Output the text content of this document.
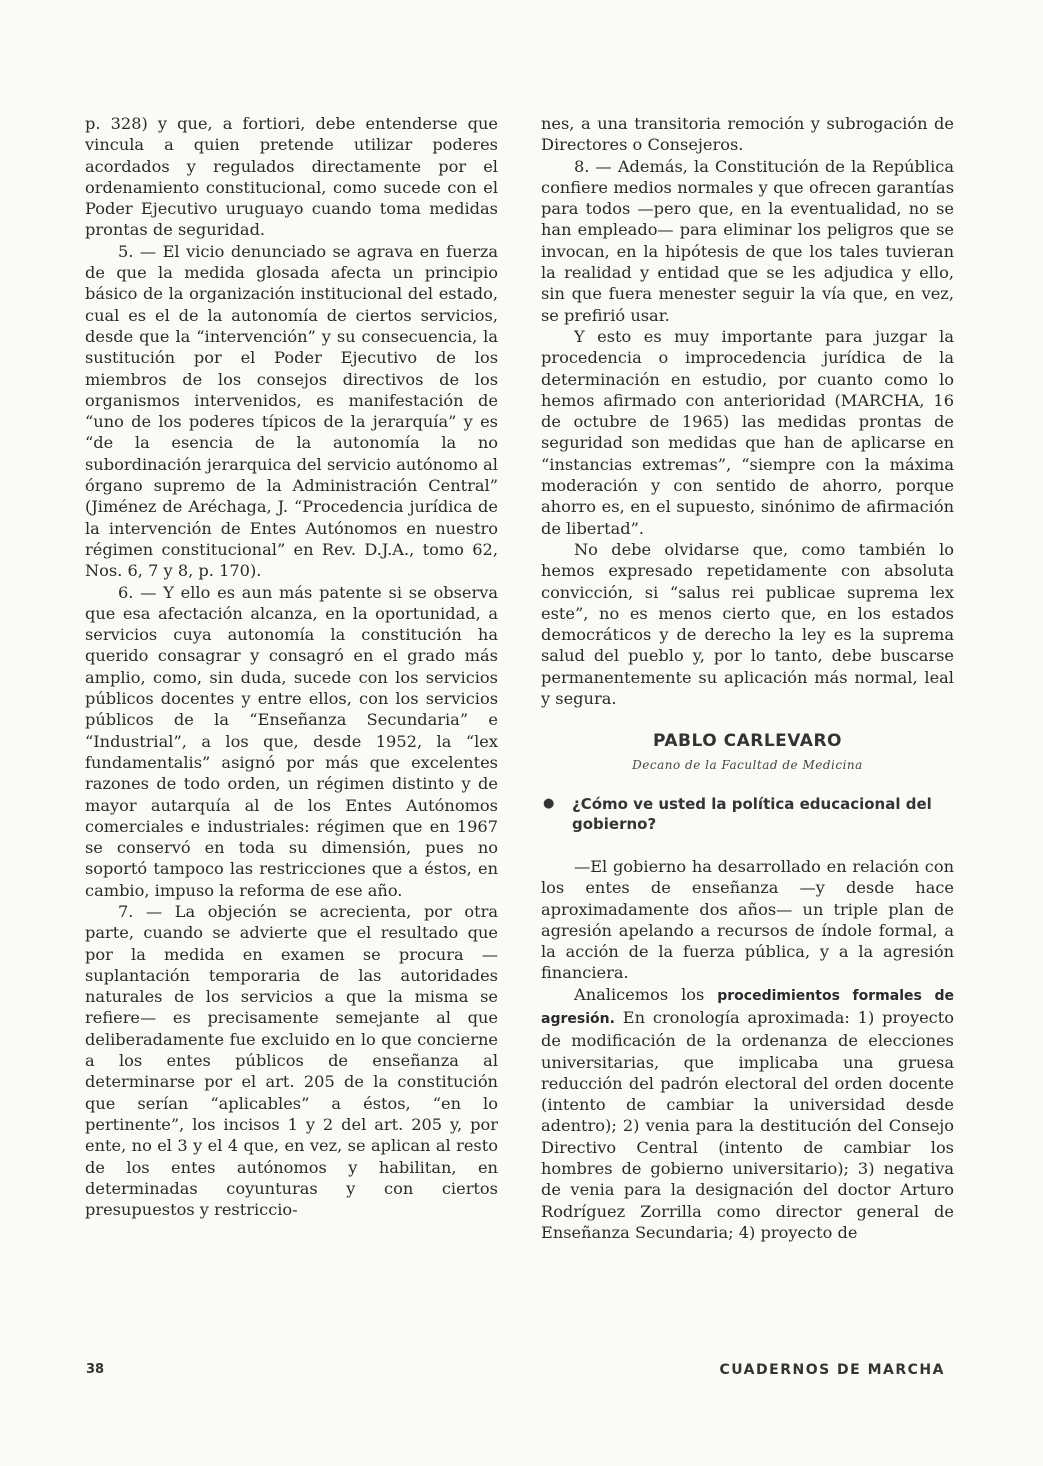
p. 328) y que, a fortiori, debe entenderse que vincula a quien pretende utilizar poderes acordados y regulados directamente por el ordenamiento constitucional, como sucede con el Poder Ejecutivo uruguayo cuando toma medidas prontas de seguridad.

5. — El vicio denunciado se agrava en fuerza de que la medida glosada afecta un principio básico de la organización institucional del estado, cual es el de la autonomía de ciertos servicios, desde que la “intervención” y su consecuencia, la sustitución por el Poder Ejecutivo de los miembros de los consejos directivos de los organismos intervenidos, es manifestación de “uno de los poderes típicos de la jerarquía” y es “de la esencia de la autonomía la no subordinación jerarquica del servicio autónomo al órgano supremo de la Administración Central” (Jiménez de Aréchaga, J. “Procedencia jurídica de la intervención de Entes Autónomos en nuestro régimen constitucional” en Rev. D.J.A., tomo 62, Nos. 6, 7 y 8, p. 170).

6. — Y ello es aun más patente si se observa que esa afectación alcanza, en la oportunidad, a servicios cuya autonomía la constitución ha querido consagrar y consagró en el grado más amplio, como, sin duda, sucede con los servicios públicos docentes y entre ellos, con los servicios públicos de la “Enseñanza Secundaria” e “Industrial”, a los que, desde 1952, la “lex fundamentalis” asignó por más que excelentes razones de todo orden, un régimen distinto y de mayor autarquía al de los Entes Autónomos comerciales e industriales: régimen que en 1967 se conservó en toda su dimensión, pues no soportó tampoco las restricciones que a éstos, en cambio, impuso la reforma de ese año.

7. — La objeción se acrecienta, por otra parte, cuando se advierte que el resultado que por la medida en examen se procura —suplantación temporaria de las autoridades naturales de los servicios a que la misma se refiere— es precisamente semejante al que deliberadamente fue excluido en lo que concierne a los entes públicos de enseñanza al determinarse por el art. 205 de la constitución que serían “aplicables” a éstos, “en lo pertinente”, los incisos 1 y 2 del art. 205 y, por ente, no el 3 y el 4 que, en vez, se aplican al resto de los entes autónomos y habilitan, en determinadas coyunturas y con ciertos presupuestos y restriccio-

nes, a una transitoria remoción y subrogación de Directores o Consejeros.

8. — Además, la Constitución de la República confiere medios normales y que ofrecen garantías para todos —pero que, en la eventualidad, no se han empleado— para eliminar los peligros que se invocan, en la hipótesis de que los tales tuvieran la realidad y entidad que se les adjudica y ello, sin que fuera menester seguir la vía que, en vez, se prefirió usar.

Y esto es muy importante para juzgar la procedencia o improcedencia jurídica de la determinación en estudio, por cuanto como lo hemos afirmado con anterioridad (MARCHA, 16 de octubre de 1965) las medidas prontas de seguridad son medidas que han de aplicarse en “instancias extremas”, “siempre con la máxima moderación y con sentido de ahorro, porque ahorro es, en el supuesto, sinónimo de afirmación de libertad”.

No debe olvidarse que, como también lo hemos expresado repetidamente con absoluta convicción, si “salus rei publicae suprema lex este”, no es menos cierto que, en los estados democráticos y de derecho la ley es la suprema salud del pueblo y, por lo tanto, debe buscarse permanentemente su aplicación más normal, leal y segura.

PABLO CARLEVARO
Decano de la Facultad de Medicina
● ¿Cómo ve usted la política educacional del gobierno?

—El gobierno ha desarrollado en relación con los entes de enseñanza —y desde hace aproximadamente dos años— un triple plan de agresión apelando a recursos de índole formal, a la acción de la fuerza pública, y a la agresión financiera.

Analicemos los procedimientos formales de agresión. En cronología aproximada: 1) proyecto de modificación de la ordenanza de elecciones universitarias, que implicaba una gruesa reducción del padrón electoral del orden docente (intento de cambiar la universidad desde adentro); 2) venia para la destitución del Consejo Directivo Central (intento de cambiar los hombres de gobierno universitario); 3) negativa de venia para la designación del doctor Arturo Rodríguez Zorrilla como director general de Enseñanza Secundaria; 4) proyecto de

38	CUADERNOS DE MARCHA
